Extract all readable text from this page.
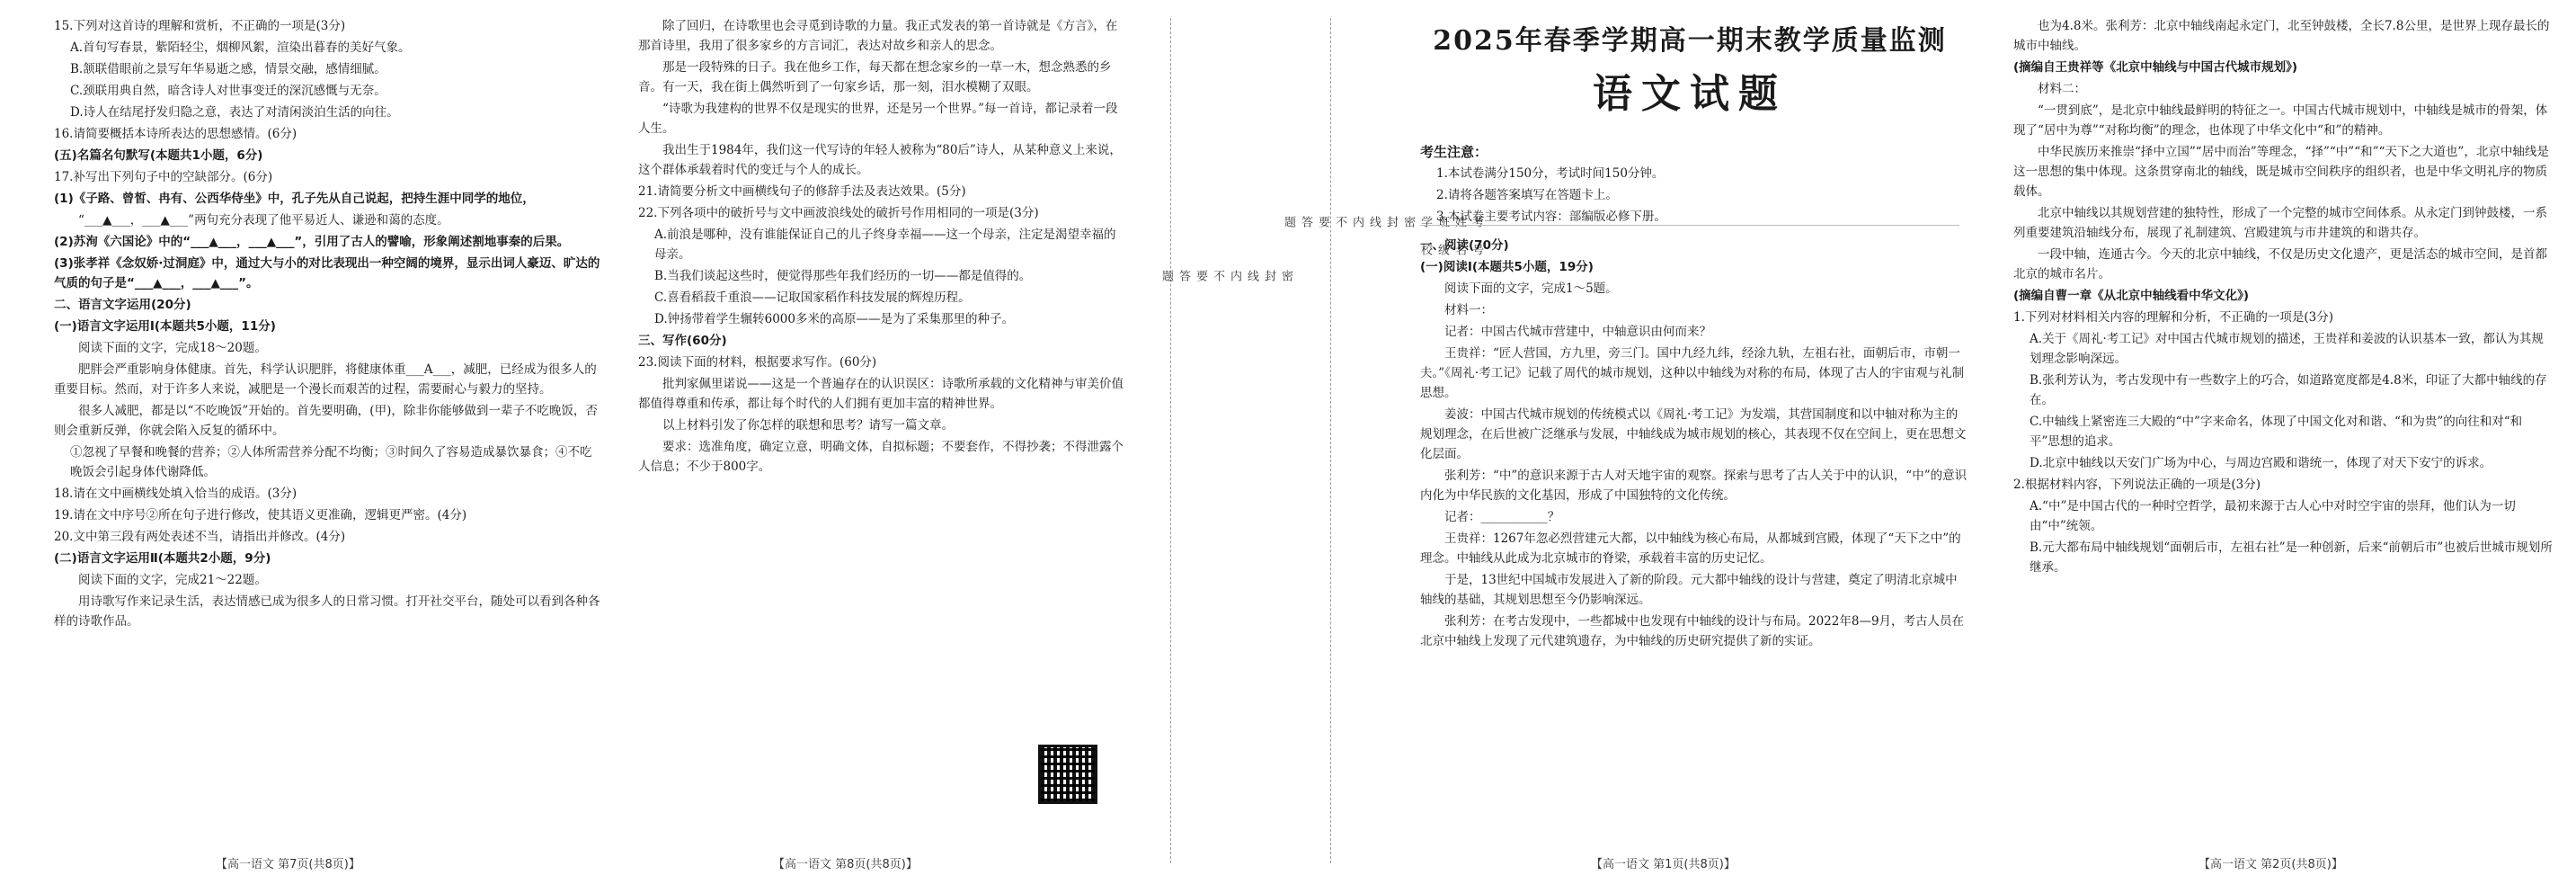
15.下列对这首诗的理解和赏析，不正确的一项是(3分)

A.首句写春景，紫陌轻尘，烟柳风絮，渲染出暮春的美好气象。

B.颔联借眼前之景写年华易逝之感，情景交融，感情细腻。

C.颈联用典自然，暗含诗人对世事变迁的深沉感慨与无奈。

D.诗人在结尾抒发归隐之意，表达了对清闲淡泊生活的向往。

16.请简要概括本诗所表达的思想感情。(6分)

(五)名篇名句默写(本题共1小题，6分)

17.补写出下列句子中的空缺部分。(6分)

(1)《子路、曾皙、冉有、公西华侍坐》中，孔子先从自己说起，把持生涯中同学的地位，

“___▲___，___▲___”两句充分表现了他平易近人、谦逊和蔼的态度。

(2)苏洵《六国论》中的“___▲___，___▲___”，引用了古人的譬喻，形象阐述割地事秦的后果。

(3)张孝祥《念奴娇·过洞庭》中，通过大与小的对比表现出一种空阔的境界，显示出词人豪迈、旷达的气质的句子是“___▲___，___▲___”。

二、语言文字运用(20分)

(一)语言文字运用Ⅰ(本题共5小题，11分)

阅读下面的文字，完成18～20题。

肥胖会严重影响身体健康。首先，科学认识肥胖，将健康体重___A___，减肥，已经成为很多人的重要目标。然而，对于许多人来说，减肥是一个漫长而艰苦的过程，需要耐心与毅力的坚持。

很多人减肥，都是以“不吃晚饭”开始的。首先要明确，(甲)，除非你能够做到一辈子不吃晚饭，否则会重新反弹，你就会陷入反复的循环中。

①忽视了早餐和晚餐的营养；②人体所需营养分配不均衡；③时间久了容易造成暴饮暴食；④不吃晚饭会引起身体代谢降低。

18.请在文中画横线处填入恰当的成语。(3分)

19.请在文中序号②所在句子进行修改，使其语义更准确，逻辑更严密。(4分)

20.文中第三段有两处表述不当，请指出并修改。(4分)

(二)语言文字运用Ⅱ(本题共2小题，9分)

阅读下面的文字，完成21～22题。

用诗歌写作来记录生活，表达情感已成为很多人的日常习惯。打开社交平台，随处可以看到各种各样的诗歌作品。

【高一语文 第7页(共8页)】

除了回归，在诗歌里也会寻觅到诗歌的力量。我正式发表的第一首诗就是《方言》，在那首诗里，我用了很多家乡的方言词汇，表达对故乡和亲人的思念。

那是一段特殊的日子。我在他乡工作，每天都在想念家乡的一草一木，想念熟悉的乡音。有一天，我在街上偶然听到了一句家乡话，那一刻，泪水模糊了双眼。

“诗歌为我建构的世界不仅是现实的世界，还是另一个世界。”每一首诗，都记录着一段人生。

我出生于1984年，我们这一代写诗的年轻人被称为“80后”诗人，从某种意义上来说，这个群体承载着时代的变迁与个人的成长。

21.请简要分析文中画横线句子的修辞手法及表达效果。(5分)

22.下列各项中的破折号与文中画波浪线处的破折号作用相同的一项是(3分)

A.前浪是哪种，没有谁能保证自己的儿子终身幸福——这一个母亲，注定是渴望幸福的母亲。

B.当我们谈起这些时，便觉得那些年我们经历的一切——都是值得的。

C.喜看稻菽千重浪——记取国家稻作科技发展的辉煌历程。

D.钟扬带着学生辗转6000多米的高原——是为了采集那里的种子。

三、写作(60分)

23.阅读下面的材料，根据要求写作。(60分)

批判家佩里诺说——这是一个普遍存在的认识误区：诗歌所承载的文化精神与审美价值都值得尊重和传承，都让每个时代的人们拥有更加丰富的精神世界。

以上材料引发了你怎样的联想和思考？请写一篇文章。

要求：选准角度，确定立意，明确文体，自拟标题；不要套作，不得抄袭；不得泄露个人信息；不少于800字。

【高一语文 第8页(共8页)】
密
封
线
内
不
要
答
题
考号
姓名
班级
学校
密
封
线
内
不
要
答
题
2025年春季学期高一期末教学质量监测
语文试题

考生注意：

1.本试卷满分150分，考试时间150分钟。

2.请将各题答案填写在答题卡上。

3.本试卷主要考试内容：部编版必修下册。

一、阅读(70分)

(一)阅读Ⅰ(本题共5小题，19分)

阅读下面的文字，完成1～5题。

材料一：

记者：中国古代城市营建中，中轴意识由何而来？

王贵祥：“匠人营国，方九里，旁三门。国中九经九纬，经涂九轨，左祖右社，面朝后市，市朝一夫。”《周礼·考工记》记载了周代的城市规划，这种以中轴线为对称的布局，体现了古人的宇宙观与礼制思想。

姜波：中国古代城市规划的传统模式以《周礼·考工记》为发端，其营国制度和以中轴对称为主的规划理念，在后世被广泛继承与发展，中轴线成为城市规划的核心，其表现不仅在空间上，更在思想文化层面。

张利芳：“中”的意识来源于古人对天地宇宙的观察。探索与思考了古人关于中的认识，“中”的意识内化为中华民族的文化基因，形成了中国独特的文化传统。

记者：___________？

王贵祥：1267年忽必烈营建元大都，以中轴线为核心布局，从都城到宫殿，体现了“天下之中”的理念。中轴线从此成为北京城市的脊梁，承载着丰富的历史记忆。

于是，13世纪中国城市发展进入了新的阶段。元大都中轴线的设计与营建，奠定了明清北京城中轴线的基础，其规划思想至今仍影响深远。

张利芳：在考古发现中，一些都城中也发现有中轴线的设计与布局。2022年8—9月，考古人员在北京中轴线上发现了元代建筑遗存，为中轴线的历史研究提供了新的实证。

【高一语文 第1页(共8页)】

也为4.8米。张利芳：北京中轴线南起永定门，北至钟鼓楼，全长7.8公里，是世界上现存最长的城市中轴线。

(摘编自王贵祥等《北京中轴线与中国古代城市规划》)

材料二：

“一贯到底”，是北京中轴线最鲜明的特征之一。中国古代城市规划中，中轴线是城市的骨架，体现了“居中为尊”“对称均衡”的理念，也体现了中华文化中“和”的精神。

中华民族历来推崇“择中立国”“居中而治”等理念，“择”“中”“和”“天下之大道也”，北京中轴线是这一思想的集中体现。这条贯穿南北的轴线，既是城市空间秩序的组织者，也是中华文明礼序的物质载体。

北京中轴线以其规划营建的独特性，形成了一个完整的城市空间体系。从永定门到钟鼓楼，一系列重要建筑沿轴线分布，展现了礼制建筑、宫殿建筑与市井建筑的和谐共存。

一段中轴，连通古今。今天的北京中轴线，不仅是历史文化遗产，更是活态的城市空间，是首都北京的城市名片。

(摘编自曹一章《从北京中轴线看中华文化》)

1.下列对材料相关内容的理解和分析，不正确的一项是(3分)

A.关于《周礼·考工记》对中国古代城市规划的描述，王贵祥和姜波的认识基本一致，都认为其规划理念影响深远。

B.张利芳认为，考古发现中有一些数字上的巧合，如道路宽度都是4.8米，印证了大都中轴线的存在。

C.中轴线上紧密连三大殿的“中”字来命名，体现了中国文化对和谐、“和为贵”的向往和对“和平”思想的追求。

D.北京中轴线以天安门广场为中心，与周边宫殿和谐统一，体现了对天下安宁的诉求。

2.根据材料内容，下列说法正确的一项是(3分)

A.“中”是中国古代的一种时空哲学，最初来源于古人心中对时空宇宙的崇拜，他们认为一切由“中”统领。

B.元大都布局中轴线规划“面朝后市，左祖右社”是一种创新，后来“前朝后市”也被后世城市规划所继承。

【高一语文 第2页(共8页)】
